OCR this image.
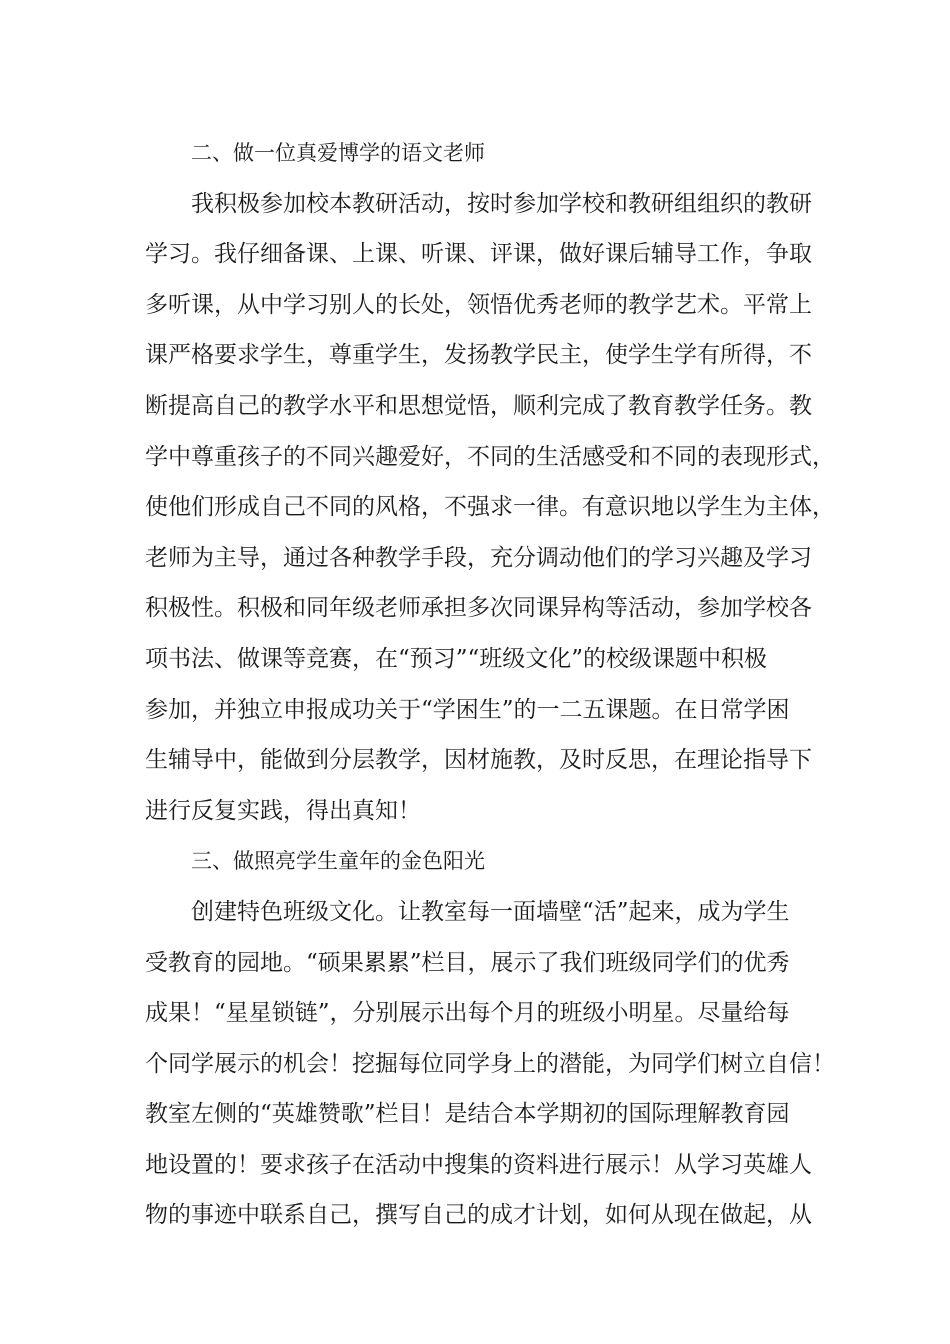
二、做一位真爱博学的语文老师
我积极参加校本教研活动，按时参加学校和教研组组织的教研
学习。我仔细备课、上课、听课、评课，做好课后辅导工作，争取
多听课，从中学习别人的长处，领悟优秀老师的教学艺术。平常上
课严格要求学生，尊重学生，发扬教学民主，使学生学有所得，不
断提高自己的教学水平和思想觉悟，顺利完成了教育教学任务。教
学中尊重孩子的不同兴趣爱好，不同的生活感受和不同的表现形式，
使他们形成自己不同的风格，不强求一律。有意识地以学生为主体，
老师为主导，通过各种教学手段，充分调动他们的学习兴趣及学习
积极性。积极和同年级老师承担多次同课异构等活动，参加学校各
项书法、做课等竞赛，在“预习”“班级文化”的校级课题中积极
参加，并独立申报成功关于“学困生”的一二五课题。在日常学困
生辅导中，能做到分层教学，因材施教，及时反思，在理论指导下
进行反复实践，得出真知！
三、做照亮学生童年的金色阳光
创建特色班级文化。让教室每一面墙壁“活”起来，成为学生
受教育的园地。“硕果累累”栏目，展示了我们班级同学们的优秀
成果！“星星锁链”，分别展示出每个月的班级小明星。尽量给每
个同学展示的机会！挖掘每位同学身上的潜能，为同学们树立自信！
教室左侧的“英雄赞歌”栏目！是结合本学期初的国际理解教育园
地设置的！要求孩子在活动中搜集的资料进行展示！从学习英雄人
物的事迹中联系自己，撰写自己的成才计划，如何从现在做起，从
